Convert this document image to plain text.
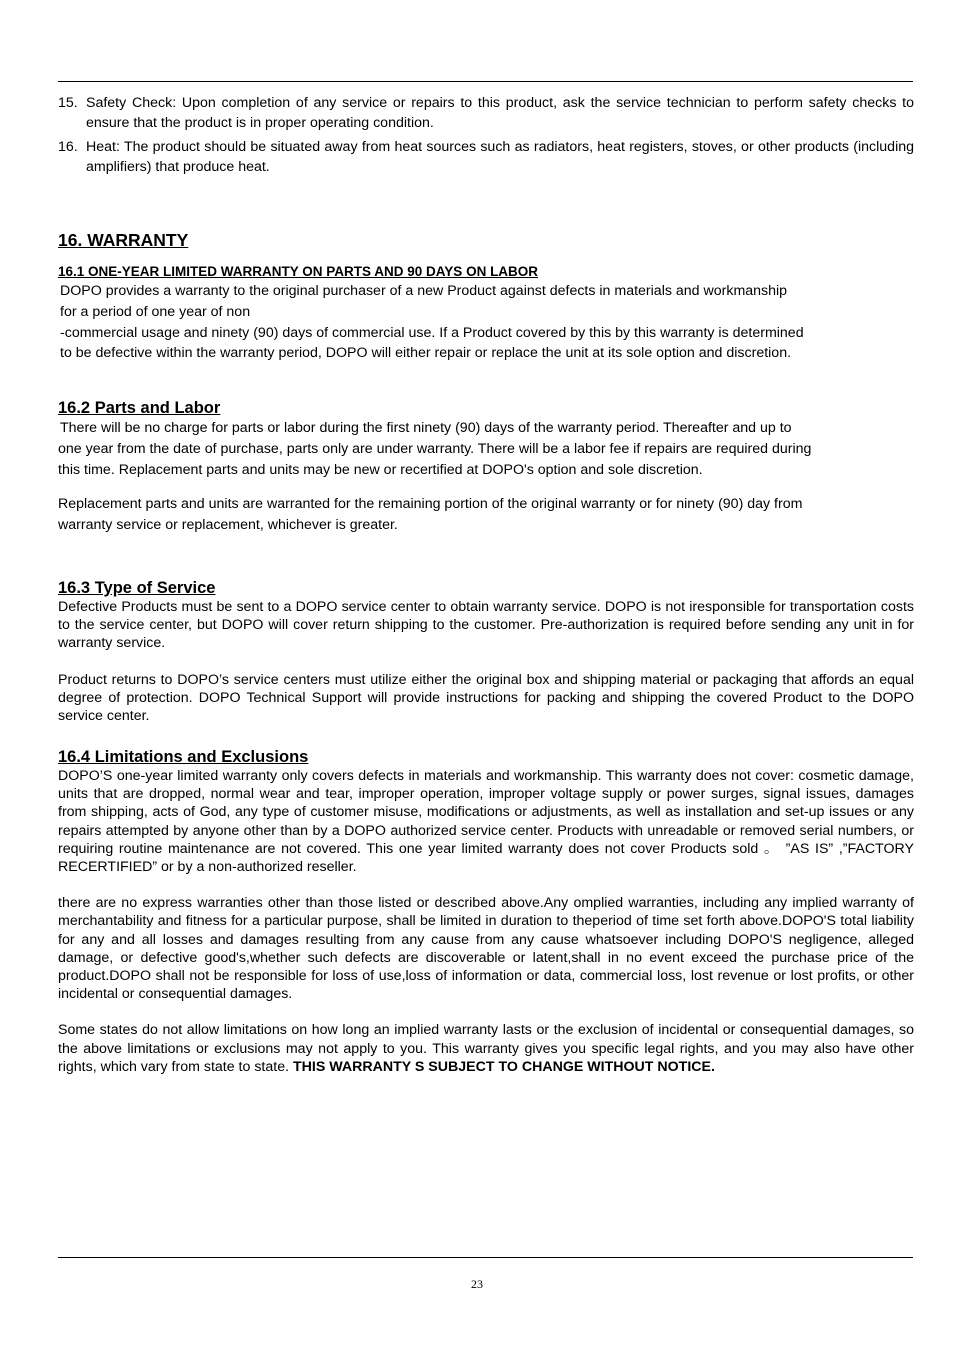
15. Safety Check: Upon completion of any service or repairs to this product, ask the service technician to perform safety checks to ensure that the product is in proper operating condition.
16. Heat: The product should be situated away from heat sources such as radiators, heat registers, stoves, or other products (including amplifiers) that produce heat.
16. WARRANTY
16.1 ONE-YEAR LIMITED WARRANTY ON PARTS AND 90 DAYS ON LABOR

DOPO provides a warranty to the original purchaser of a new Product against defects in materials and workmanship

for a period of one year of non

-commercial usage and ninety (90) days of commercial use. If a Product covered by this by this warranty is determined

to be defective within the warranty period, DOPO will either repair or replace the unit at its sole option and discretion.

16.2 Parts and Labor

There will be no charge for parts or labor during the first ninety (90) days of the warranty period. Thereafter and up to

one year from the date of purchase, parts only are under warranty. There will be a labor fee if repairs are required during

this time. Replacement parts and units may be new or recertified at DOPO's option and sole discretion.

Replacement parts and units are warranted for the remaining portion of the original warranty or for ninety (90) day from

warranty service or replacement, whichever is greater.

16.3 Type of Service

Defective Products must be sent to a DOPO service center to obtain warranty service. DOPO is not iresponsible for transportation costs to the service center, but DOPO will cover return shipping to the customer. Pre-authorization is required before sending any unit in for warranty service.

Product returns to DOPO’s service centers must utilize either the original box and shipping material or packaging that affords an equal degree of protection. DOPO Technical Support will provide instructions for packing and shipping the covered Product to the DOPO service center.

16.4 Limitations and Exclusions

DOPO’S one-year limited warranty only covers defects in materials and workmanship. This warranty does not cover: cosmetic damage, units that are dropped, normal wear and tear, improper operation, improper voltage supply or power surges, signal issues, damages from shipping, acts of God, any type of customer misuse, modifications or adjustments, as well as installation and set-up issues or any repairs attempted by anyone other than by a DOPO authorized service center. Products with unreadable or removed serial numbers, or requiring routine maintenance are not covered. This one year limited warranty does not cover Products sold 。 ”AS IS” ,”FACTORY RECERTIFIED” or by a non-authorized reseller.

there are no express warranties other than those listed or described above.Any omplied warranties, including any implied warranty of merchantability and fitness for a particular purpose, shall be limited in duration to theperiod of time set forth above.DOPO'S total liability for any and all losses and damages resulting from any cause from any cause whatsoever including DOPO'S negligence, alleged damage, or defective good's,whether such defects are discoverable or latent,shall in no event exceed the purchase price of the product.DOPO shall not be responsible for loss of use,loss of information or data, commercial loss, lost revenue or lost profits, or other incidental or consequential damages.

Some states do not allow limitations on how long an implied warranty lasts or the exclusion of incidental or consequential damages, so the above limitations or exclusions may not apply to you. This warranty gives you specific legal rights, and you may also have other rights, which vary from state to state. THIS WARRANTY S SUBJECT TO CHANGE WITHOUT NOTICE.

23
